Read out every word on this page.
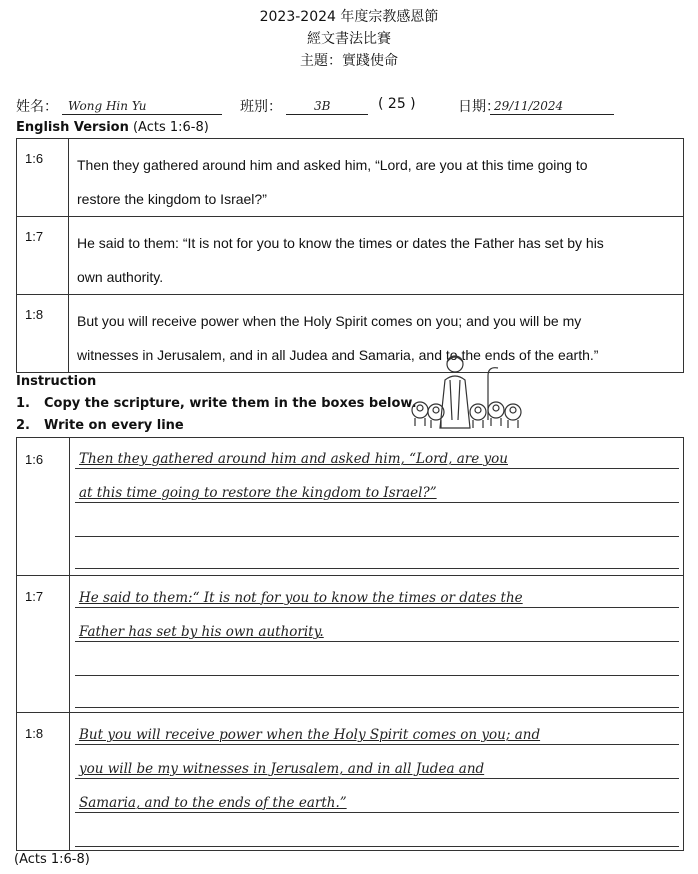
2023-2024 年度宗教感恩節
經文書法比賽
主題：實踐使命
姓名： Wong Hin Yu	班別：	3B	( 25 )	日期：
29/11/2024
English Version (Acts 1:6-8)
1:6	Then they gathered around him and asked him, “Lord, are you at this time going to
restore the kingdom to Israel?”

1:7	He said to them: “It is not for you to know the times or dates the Father has set by his
own authority.

1:8	But you will receive power when the Holy Spirit comes on you; and you will be my
witnesses in Jerusalem, and in all Judea and Samaria, and to the ends of the earth.”
Instruction
1. Copy the scripture, write them in the boxes below.
2. Write on every line
1:6	Then they gathered around him and asked him, “Lord, are you
at this time going to restore the kingdom to Israel?”
1:7	He said to them:“ It is not for you to know the times or dates the
Father has set by his own authority.
1:8	But you will receive power when the Holy Spirit comes on you; and
you will be my witnesses in Jerusalem, and in all Judea and
Samaria, and to the ends of the earth.”
(Acts 1:6-8)
